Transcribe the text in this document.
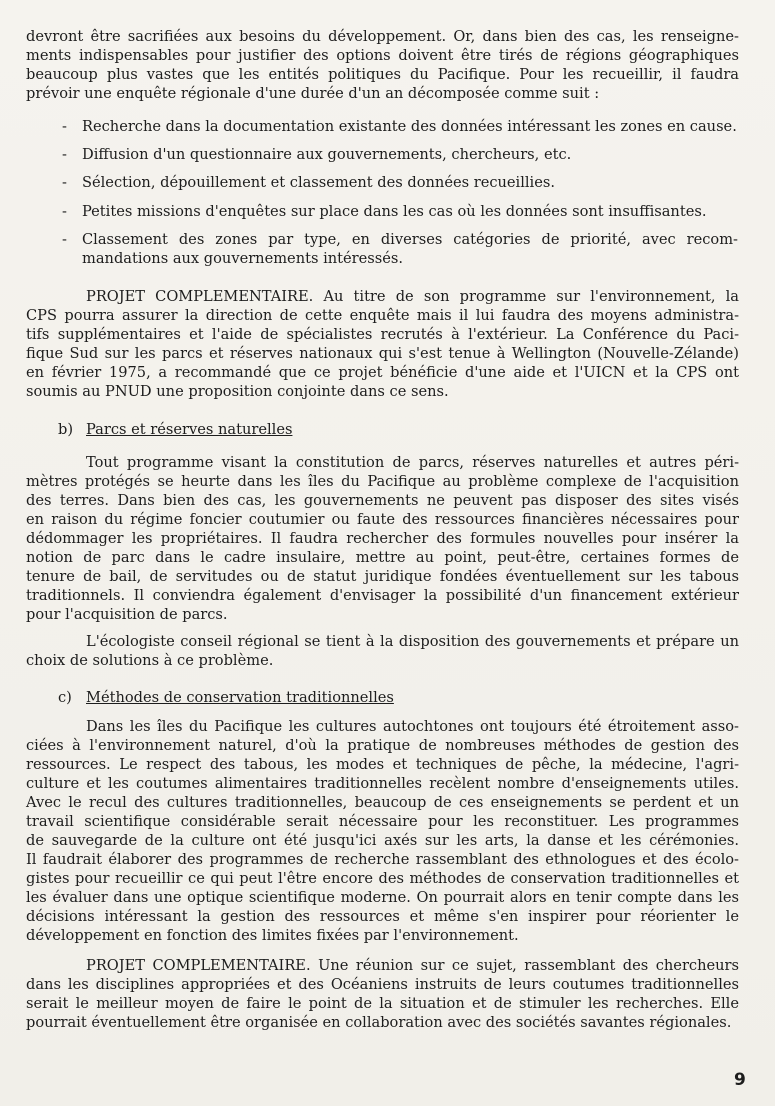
devront être sacrifiées aux besoins du développement. Or, dans bien des cas, les renseigne-
ments indispensables pour justifier des options doivent être tirés de régions géographiques
beaucoup plus vastes que les entités politiques du Pacifique. Pour les recueillir, il faudra
prévoir une enquête régionale d'une durée d'un an décomposée comme suit :
- Recherche dans la documentation existante des données intéressant les zones en cause.
- Diffusion d'un questionnaire aux gouvernements, chercheurs, etc.
- Sélection, dépouillement et classement des données recueillies.
- Petites missions d'enquêtes sur place dans les cas où les données sont insuffisantes.
- Classement des zones par type, en diverses catégories de priorité, avec recom-
mandations aux gouvernements intéressés.
PROJET COMPLEMENTAIRE. Au titre de son programme sur l'environnement, la
CPS pourra assurer la direction de cette enquête mais il lui faudra des moyens administra-
tifs supplémentaires et l'aide de spécialistes recrutés à l'extérieur. La Conférence du Paci-
fique Sud sur les parcs et réserves nationaux qui s'est tenue à Wellington (Nouvelle-Zélande)
en février 1975, a recommandé que ce projet bénéficie d'une aide et l'UICN et la CPS ont
soumis au PNUD une proposition conjointe dans ce sens.
b) Parcs et réserves naturelles
Tout programme visant la constitution de parcs, réserves naturelles et autres péri-
mètres protégés se heurte dans les îles du Pacifique au problème complexe de l'acquisition
des terres. Dans bien des cas, les gouvernements ne peuvent pas disposer des sites visés
en raison du régime foncier coutumier ou faute des ressources financières nécessaires pour
dédommager les propriétaires. Il faudra rechercher des formules nouvelles pour insérer la
notion de parc dans le cadre insulaire, mettre au point, peut-être, certaines formes de
tenure de bail, de servitudes ou de statut juridique fondées éventuellement sur les tabous
traditionnels. Il conviendra également d'envisager la possibilité d'un financement extérieur
pour l'acquisition de parcs.
L'écologiste conseil régional se tient à la disposition des gouvernements et prépare un
choix de solutions à ce problème.
c) Méthodes de conservation traditionnelles
Dans les îles du Pacifique les cultures autochtones ont toujours été étroitement asso-
ciées à l'environnement naturel, d'où la pratique de nombreuses méthodes de gestion des
ressources. Le respect des tabous, les modes et techniques de pêche, la médecine, l'agri-
culture et les coutumes alimentaires traditionnelles recèlent nombre d'enseignements utiles.
Avec le recul des cultures traditionnelles, beaucoup de ces enseignements se perdent et un
travail scientifique considérable serait nécessaire pour les reconstituer. Les programmes
de sauvegarde de la culture ont été jusqu'ici axés sur les arts, la danse et les cérémonies.
Il faudrait élaborer des programmes de recherche rassemblant des ethnologues et des écolo-
gistes pour recueillir ce qui peut l'être encore des méthodes de conservation traditionnelles et
les évaluer dans une optique scientifique moderne. On pourrait alors en tenir compte dans les
décisions intéressant la gestion des ressources et même s'en inspirer pour réorienter le
développement en fonction des limites fixées par l'environnement.
PROJET COMPLEMENTAIRE. Une réunion sur ce sujet, rassemblant des chercheurs
dans les disciplines appropriées et des Océaniens instruits de leurs coutumes traditionnelles
serait le meilleur moyen de faire le point de la situation et de stimuler les recherches. Elle
pourrait éventuellement être organisée en collaboration avec des sociétés savantes régionales.
9
